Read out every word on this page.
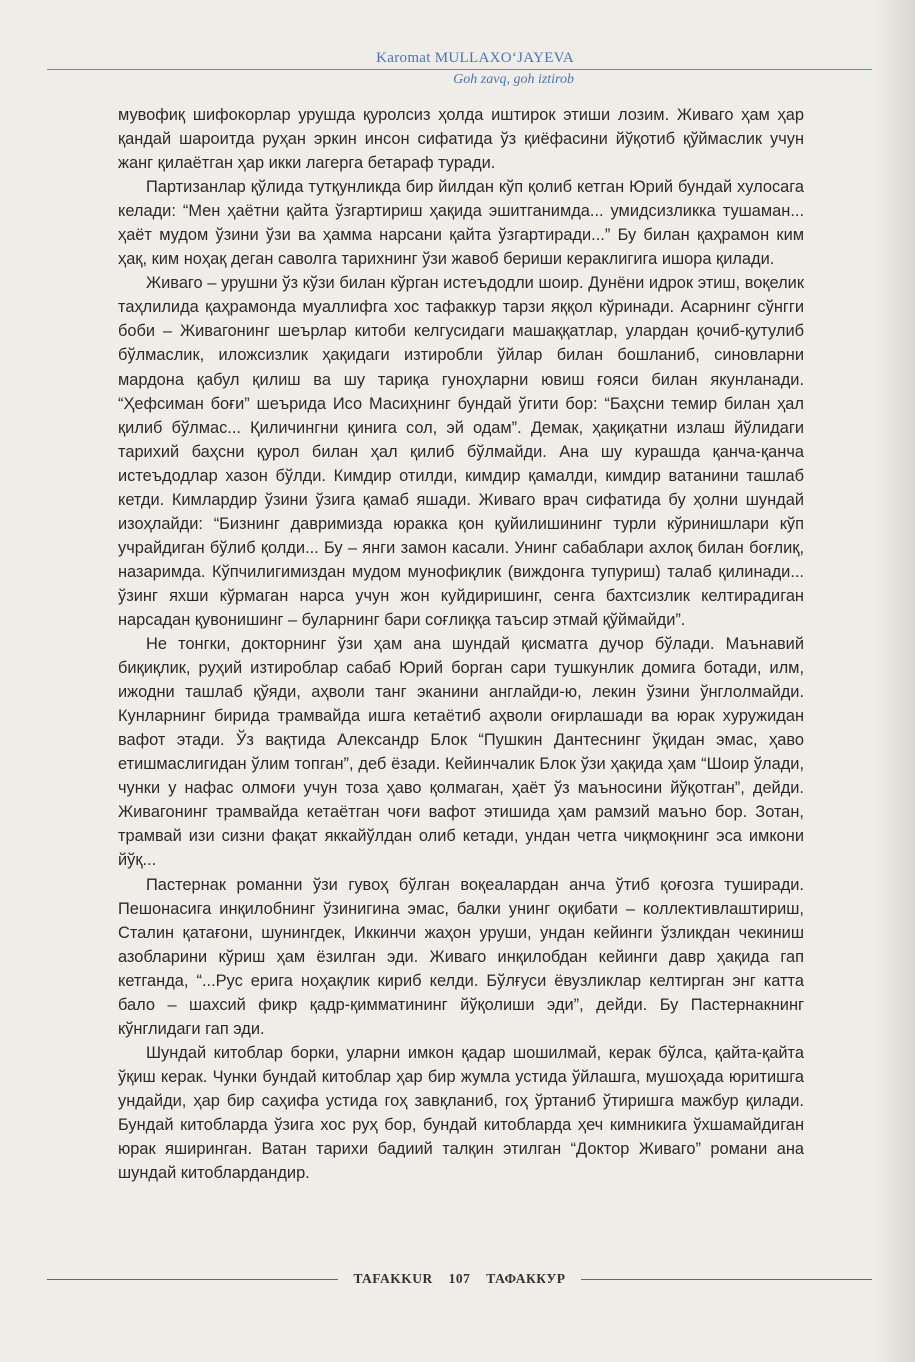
Karomat MULLAXO‘JAYEVA
Goh zavq, goh iztirob

мувофиқ шифокорлар урушда қуролсиз ҳолда иштирок этиши лозим. Живаго ҳам ҳар қандай шароитда руҳан эркин инсон сифатида ўз қиёфасини йўқотиб қўймаслик учун жанг қилаётган ҳар икки лагерга бетараф туради.

Партизанлар қўлида тутқунликда бир йилдан кўп қолиб кетган Юрий бундай хулосага келади: “Мен ҳаётни қайта ўзгартириш ҳақида эшитганимда... умидсизликка тушаман... ҳаёт мудом ўзини ўзи ва ҳамма нарсани қайта ўзгартиради...” Бу билан қаҳрамон ким ҳақ, ким ноҳақ деган саволга тарихнинг ўзи жавоб бериши кераклигига ишора қилади.

Живаго – урушни ўз кўзи билан кўрган истеъдодли шоир. Дунёни идрок этиш, воқелик таҳлилида қаҳрамонда муаллифга хос тафаккур тарзи яққол кўринади. Асарнинг сўнгги боби – Живагонинг шеърлар китоби келгусидаги машаққатлар, улардан қочиб-қутулиб бўлмаслик, иложсизлик ҳақидаги изтиробли ўйлар билан бошланиб, синовларни мардона қабул қилиш ва шу тариқа гуноҳларни ювиш ғояси билан якунланади. “Ҳефсиман боғи” шеърида Исо Масиҳнинг бундай ўгити бор: “Баҳсни темир билан ҳал қилиб бўлмас... Қиличингни қинига сол, эй одам”. Демак, ҳақиқатни излаш йўлидаги тарихий баҳсни қурол билан ҳал қилиб бўлмайди. Ана шу курашда қанча-қанча истеъдодлар хазон бўлди. Кимдир отилди, кимдир қамалди, кимдир ватанини ташлаб кетди. Кимлардир ўзини ўзига қамаб яшади. Живаго врач сифатида бу ҳолни шундай изоҳлайди: “Бизнинг давримизда юракка қон қуйилишининг турли кўринишлари кўп учрайдиган бўлиб қолди... Бу – янги замон касали. Унинг сабаблари ахлоқ билан боғлиқ, назаримда. Кўпчилигимиздан мудом мунофиқлик (виждонга тупуриш) талаб қилинади... ўзинг яхши кўрмаган нарса учун жон куйдиришинг, сенга бахтсизлик келтирадиган нарсадан қувонишинг – буларнинг бари соғлиққа таъсир этмай қўймайди”.

Не тонгки, докторнинг ўзи ҳам ана шундай қисматга дучор бўлади. Маънавий биқиқлик, руҳий изтироблар сабаб Юрий борган сари тушкунлик домига ботади, илм, ижодни ташлаб қўяди, аҳволи танг эканини англайди-ю, лекин ўзини ўнглолмайди. Кунларнинг бирида трамвайда ишга кетаётиб аҳволи оғирлашади ва юрак хуружидан вафот этади. Ўз вақтида Александр Блок “Пушкин Дантеснинг ўқидан эмас, ҳаво етишмаслигидан ўлим топган”, деб ёзади. Кейинчалик Блок ўзи ҳақида ҳам “Шоир ўлади, чунки у нафас олмоғи учун тоза ҳаво қолмаган, ҳаёт ўз маъносини йўқотган”, дейди. Живагонинг трамвайда кетаётган чоғи вафот этишида ҳам рамзий маъно бор. Зотан, трамвай изи сизни фақат яккайўлдан олиб кетади, ундан четга чиқмоқнинг эса имкони йўқ...

Пастернак романни ўзи гувоҳ бўлган воқеалардан анча ўтиб қоғозга туширади. Пешонасига инқилобнинг ўзинигина эмас, балки унинг оқибати – коллективлаштириш, Сталин қатағони, шунингдек, Иккинчи жаҳон уруши, ундан кейинги ўзликдан чекиниш азобларини кўриш ҳам ёзилган эди. Живаго инқилобдан кейинги давр ҳақида гап кетганда, “...Рус ерига ноҳақлик кириб келди. Бўлғуси ёвузликлар келтирган энг катта бало – шахсий фикр қадр-қимматининг йўқолиши эди”, дейди. Бу Пастернакнинг кўнглидаги гап эди.

Шундай китоблар борки, уларни имкон қадар шошилмай, керак бўлса, қайта-қайта ўқиш керак. Чунки бундай китоблар ҳар бир жумла устида ўйлашга, мушоҳада юритишга ундайди, ҳар бир саҳифа устида гоҳ завқланиб, гоҳ ўртаниб ўтиришга мажбур қилади. Бундай китобларда ўзига хос руҳ бор, бундай китобларда ҳеч кимникига ўхшамайдиган юрак яширинган. Ватан тарихи бадиий талқин этилган “Доктор Живаго” романи ана шундай китоблардандир.

TAFAKKUR 107 ТАФАККУР
